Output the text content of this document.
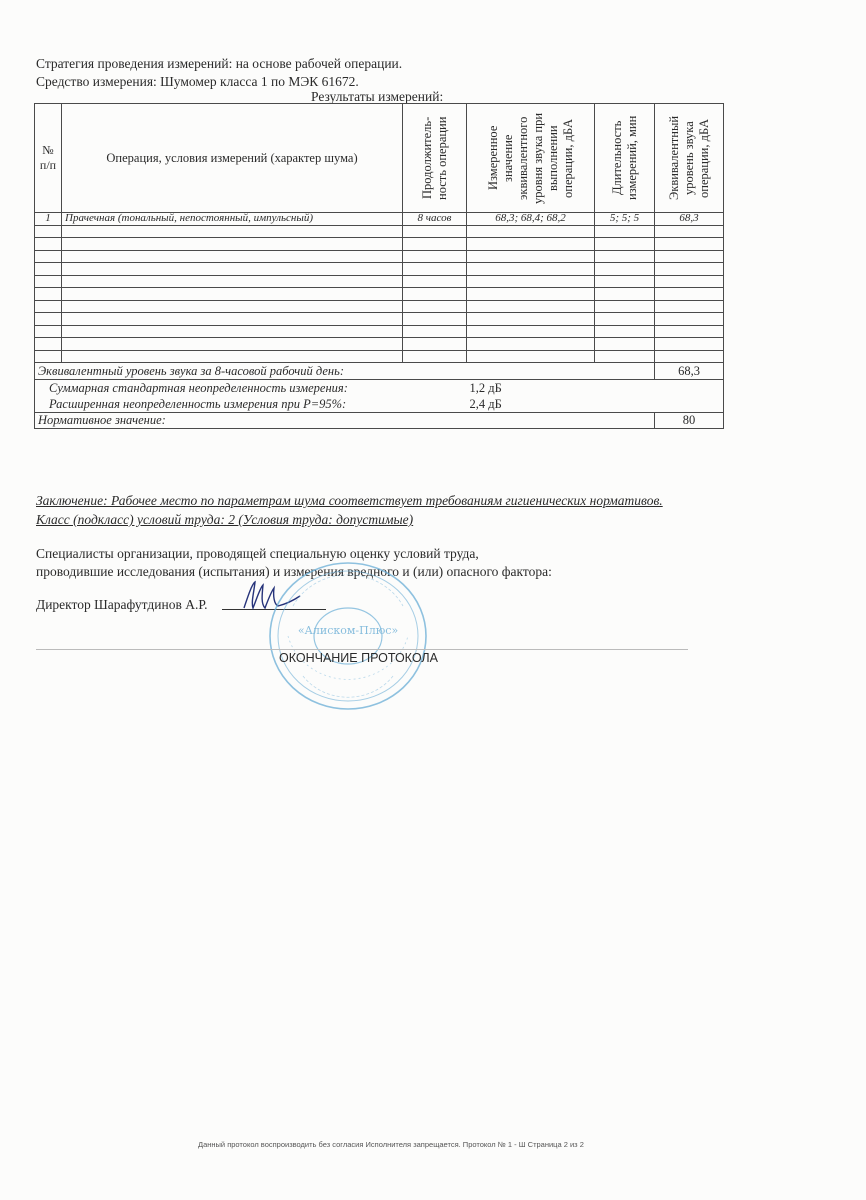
Стратегия проведения измерений: на основе рабочей операции.
Средство измерения: Шумомер класса 1 по МЭК 61672.
Результаты измерений:
№ п/п	Операция, условия измерений (характер шума)	Продолжитель-ность операции	Измеренное значение эквивалентного уровня звука при выполнении операции, дБА	Длительность измерений, мин	Эквивалентный уровень звука операции, дБА

1	Прачечная (тональный, непостоянный, импульсный)	8 часов	68,3; 68,4; 68,2	5; 5; 5	68,3

Эквивалентный уровень звука за 8-часовой рабочий день:					68,3
Суммарная стандартная неопределенность измерения:			1,2 дБ		
Расширенная неопределенность измерения при P=95%:			2,4 дБ		
Нормативное значение:					80
Заключение: Рабочее место по параметрам шума соответствует требованиям гигиенических нормативов.
Класс (подкласс) условий труда: 2 (Условия труда: допустимые)
Специалисты организации, проводящей специальную оценку условий труда,
проводившие исследования (испытания) и измерения вредного и (или) опасного фактора:
Директор Шарафутдинов А.Р.
«Алиском-Плюс»
ОКОНЧАНИЕ ПРОТОКОЛА
Данный протокол воспроизводить без согласия Исполнителя запрещается. Протокол № 1 - Ш Страница 2 из 2
